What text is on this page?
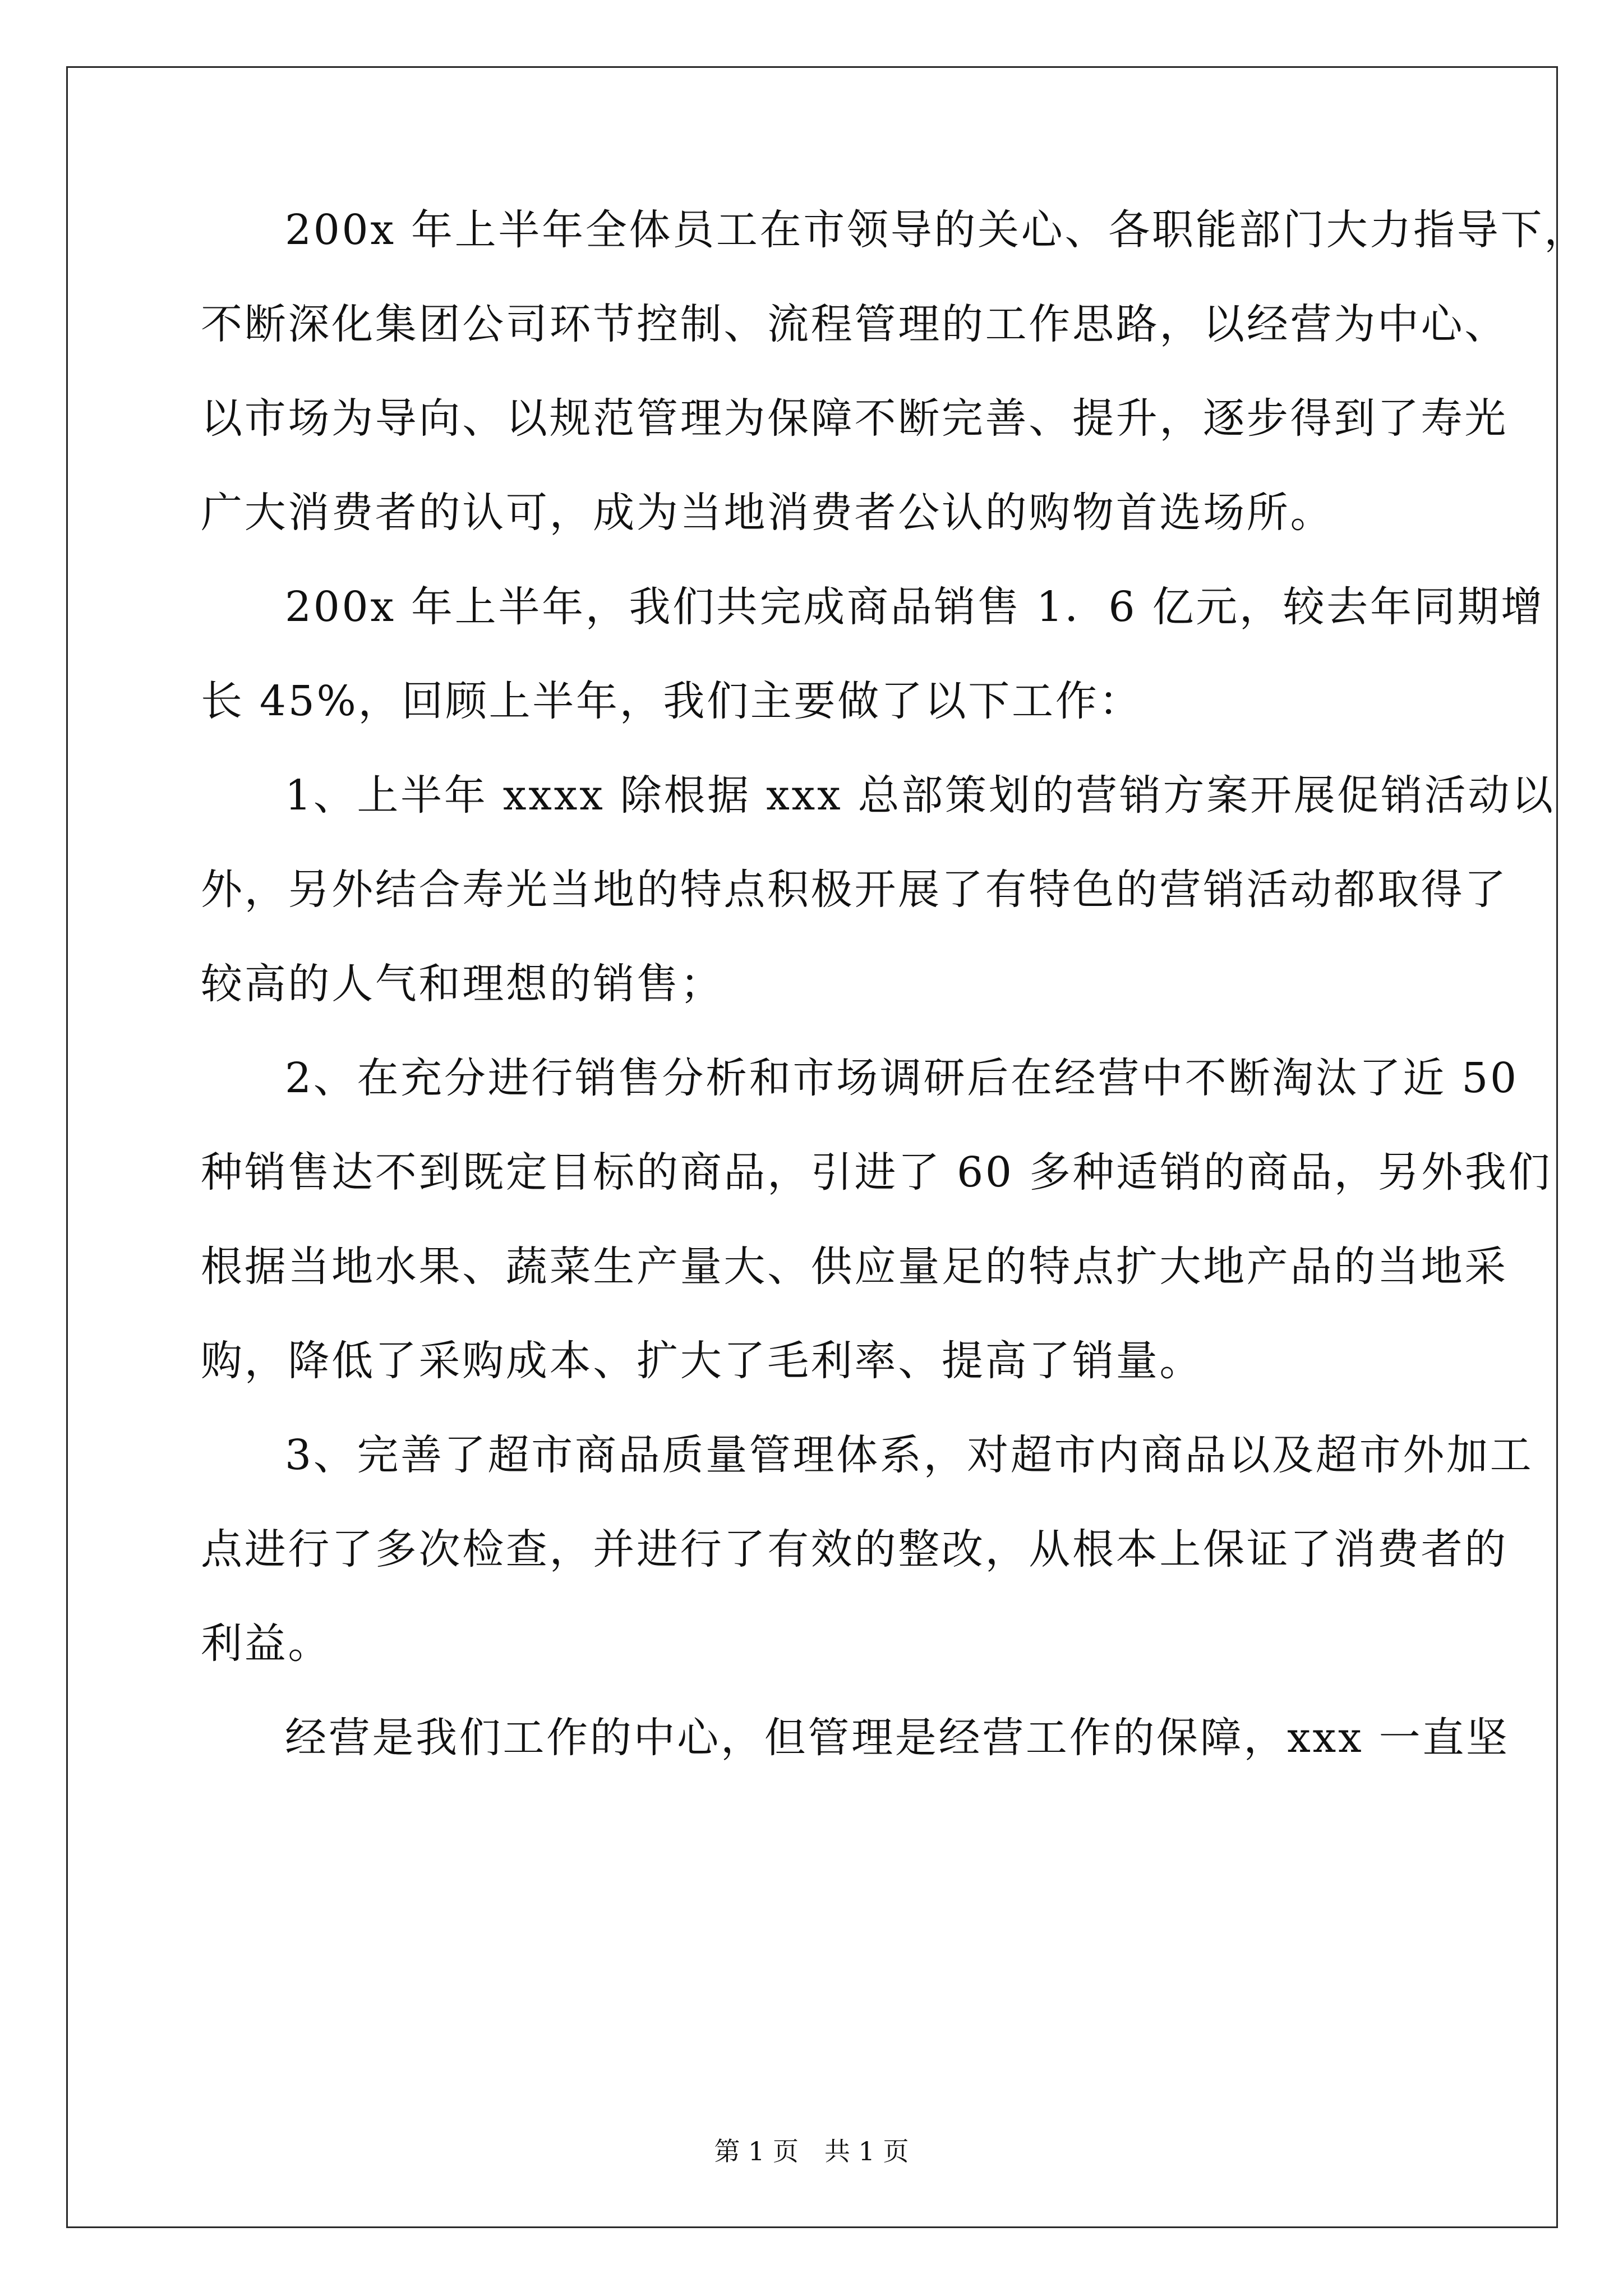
200x 年上半年全体员工在市领导的关心、各职能部门大力指导下，
不断深化集团公司环节控制、流程管理的工作思路，以经营为中心、
以市场为导向、以规范管理为保障不断完善、提升，逐步得到了寿光
广大消费者的认可，成为当地消费者公认的购物首选场所。
200x 年上半年，我们共完成商品销售 1．6 亿元，较去年同期增
长 45%，回顾上半年，我们主要做了以下工作：
1、上半年 xxxx 除根据 xxx 总部策划的营销方案开展促销活动以
外，另外结合寿光当地的特点积极开展了有特色的营销活动都取得了
较高的人气和理想的销售；
2、在充分进行销售分析和市场调研后在经营中不断淘汰了近 50
种销售达不到既定目标的商品，引进了 60 多种适销的商品，另外我们
根据当地水果、蔬菜生产量大、供应量足的特点扩大地产品的当地采
购，降低了采购成本、扩大了毛利率、提高了销量。
3、完善了超市商品质量管理体系，对超市内商品以及超市外加工
点进行了多次检查，并进行了有效的整改，从根本上保证了消费者的
利益。
经营是我们工作的中心，但管理是经营工作的保障，xxx 一直坚
第 1 页　共 1 页
